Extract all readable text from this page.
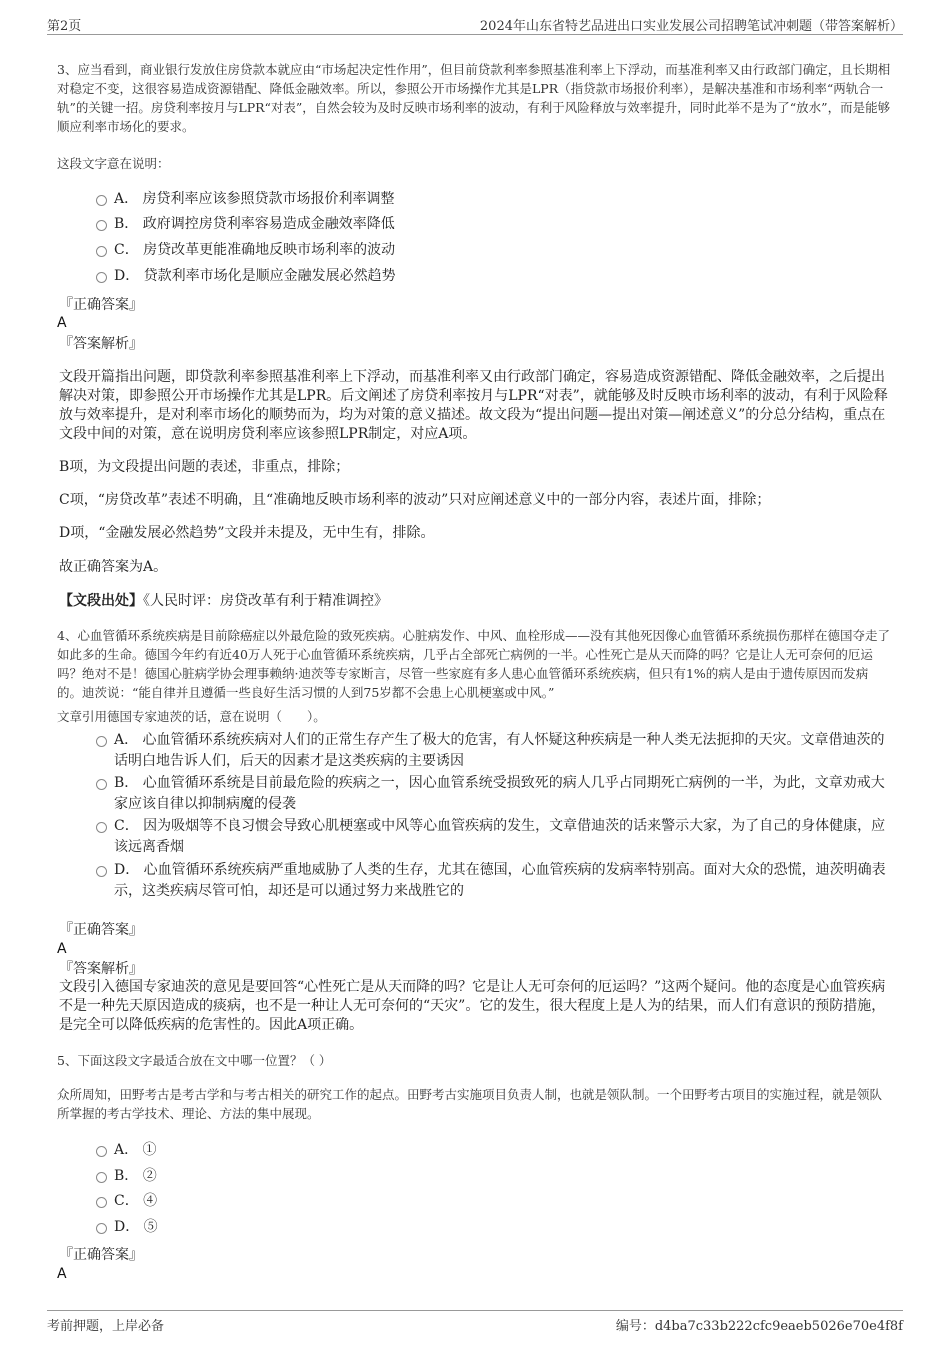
第2页	2024年山东省特艺品进出口实业发展公司招聘笔试冲刺题（带答案解析）

3、应当看到，商业银行发放住房贷款本就应由“市场起决定性作用”，但目前贷款利率参照基准利率上下浮动，而基准利率又由行政部门确定，且长期相对稳定不变，这很容易造成资源错配、降低金融效率。所以，参照公开市场操作尤其是LPR（指贷款市场报价利率），是解决基准和市场利率“两轨合一轨”的关键一招。房贷利率按月与LPR“对表”，自然会较为及时反映市场利率的波动，有利于风险释放与效率提升，同时此举不是为了“放水”，而是能够顺应利率市场化的要求。

这段文字意在说明：

A． 房贷利率应该参照贷款市场报价利率调整
B． 政府调控房贷利率容易造成金融效率降低
C． 房贷改革更能准确地反映市场利率的波动
D． 贷款利率市场化是顺应金融发展必然趋势
『正确答案』
A
『答案解析』

文段开篇指出问题，即贷款利率参照基准利率上下浮动，而基准利率又由行政部门确定，容易造成资源错配、降低金融效率，之后提出解决对策，即参照公开市场操作尤其是LPR。后文阐述了房贷利率按月与LPR“对表”，就能够及时反映市场利率的波动，有利于风险释放与效率提升，是对利率市场化的顺势而为，均为对策的意义描述。故文段为“提出问题—提出对策—阐述意义”的分总分结构，重点在文段中间的对策，意在说明房贷利率应该参照LPR制定，对应A项。

B项，为文段提出问题的表述，非重点，排除；

C项，“房贷改革”表述不明确，且“准确地反映市场利率的波动”只对应阐述意义中的一部分内容，表述片面，排除；

D项，“金融发展必然趋势”文段并未提及，无中生有，排除。

故正确答案为A。

【文段出处】《人民时评：房贷改革有利于精准调控》

4、心血管循环系统疾病是目前除癌症以外最危险的致死疾病。心脏病发作、中风、血栓形成——没有其他死因像心血管循环系统损伤那样在德国夺走了如此多的生命。德国今年约有近40万人死于心血管循环系统疾病，几乎占全部死亡病例的一半。心性死亡是从天而降的吗？它是让人无可奈何的厄运吗？绝对不是！德国心脏病学协会理事赖纳·迪茨等专家断言，尽管一些家庭有多人患心血管循环系统疾病，但只有1%的病人是由于遗传原因而发病的。迪茨说：“能自律并且遵循一些良好生活习惯的人到75岁都不会患上心肌梗塞或中风。”

文章引用德国专家迪茨的话，意在说明（　　）。

A． 心血管循环系统疾病对人们的正常生存产生了极大的危害，有人怀疑这种疾病是一种人类无法扼抑的天灾。文章借迪茨的话明白地告诉人们，后天的因素才是这类疾病的主要诱因
B． 心血管循环系统是目前最危险的疾病之一，因心血管系统受损致死的病人几乎占同期死亡病例的一半，为此，文章劝戒大家应该自律以抑制病魔的侵袭
C． 因为吸烟等不良习惯会导致心肌梗塞或中风等心血管疾病的发生，文章借迪茨的话来警示大家，为了自己的身体健康，应该远离香烟
D． 心血管循环系统疾病严重地威胁了人类的生存，尤其在德国，心血管疾病的发病率特别高。面对大众的恐慌，迪茨明确表示，这类疾病尽管可怕，却还是可以通过努力来战胜它的
『正确答案』
A
『答案解析』

文段引入德国专家迪茨的意见是要回答“心性死亡是从天而降的吗？它是让人无可奈何的厄运吗？”这两个疑问。他的态度是心血管疾病不是一种先天原因造成的痰病，也不是一种让人无可奈何的“天灾”。它的发生，很大程度上是人为的结果，而人们有意识的预防措施，是完全可以降低疾病的危害性的。因此A项正确。

5、下面这段文字最适合放在文中哪一位置？（ ）

众所周知，田野考古是考古学和与考古相关的研究工作的起点。田野考古实施项目负责人制，也就是领队制。一个田野考古项目的实施过程，就是领队所掌握的考古学技术、理论、方法的集中展现。

A． ①
B． ②
C． ④
D． ⑤
『正确答案』
A
考前押题，上岸必备	编号：d4ba7c33b222cfc9eaeb5026e70e4f8f
